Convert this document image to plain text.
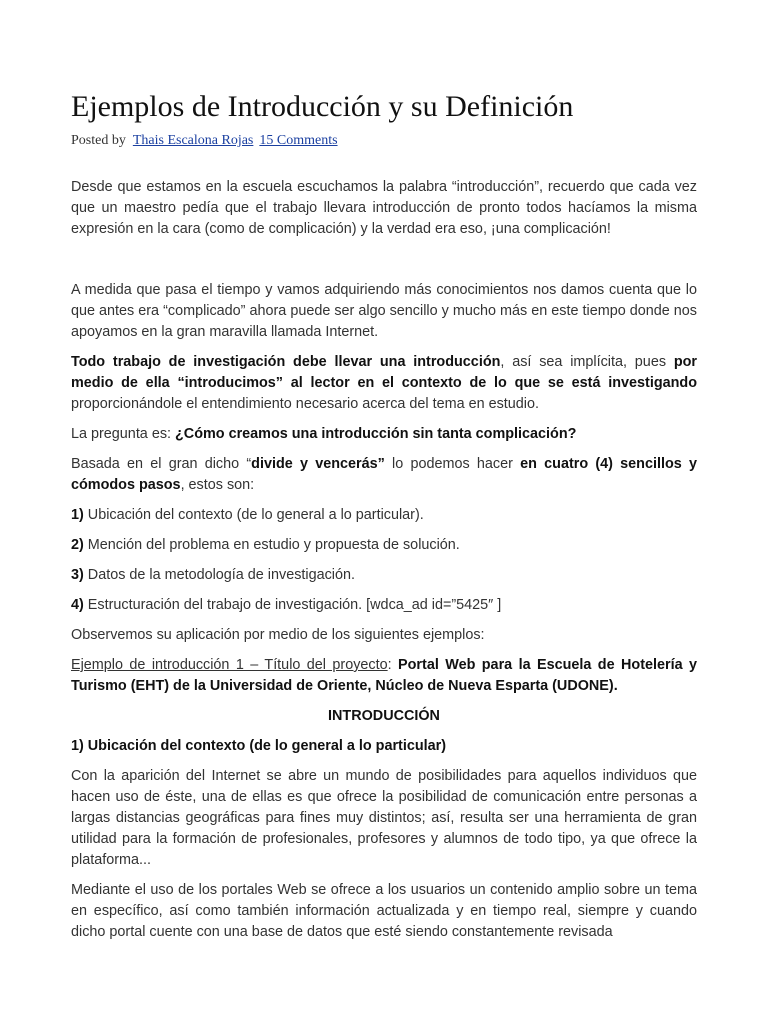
Ejemplos de Introducción y su Definición
Posted by Thais Escalona Rojas 15 Comments

Desde que estamos en la escuela escuchamos la palabra “introducción”, recuerdo que cada vez que un maestro pedía que el trabajo llevara introducción de pronto todos hacíamos la misma expresión en la cara (como de complicación) y la verdad era eso, ¡una complicación!

A medida que pasa el tiempo y vamos adquiriendo más conocimientos nos damos cuenta que lo que antes era “complicado” ahora puede ser algo sencillo y mucho más en este tiempo donde nos apoyamos en la gran maravilla llamada Internet.

Todo trabajo de investigación debe llevar una introducción, así sea implícita, pues por medio de ella “introducimos” al lector en el contexto de lo que se está investigando proporcionándole el entendimiento necesario acerca del tema en estudio.

La pregunta es: ¿Cómo creamos una introducción sin tanta complicación?

Basada en el gran dicho “divide y vencerás” lo podemos hacer en cuatro (4) sencillos y cómodos pasos, estos son:

1) Ubicación del contexto (de lo general a lo particular).

2) Mención del problema en estudio y propuesta de solución.

3) Datos de la metodología de investigación.

4) Estructuración del trabajo de investigación. [wdca_ad id=”5425″ ]

Observemos su aplicación por medio de los siguientes ejemplos:

Ejemplo de introducción 1 – Título del proyecto: Portal Web para la Escuela de Hotelería y Turismo (EHT) de la Universidad de Oriente, Núcleo de Nueva Esparta (UDONE).

INTRODUCCIÓN

1) Ubicación del contexto (de lo general a lo particular)

Con la aparición del Internet se abre un mundo de posibilidades para aquellos individuos que hacen uso de éste, una de ellas es que ofrece la posibilidad de comunicación entre personas a largas distancias geográficas para fines muy distintos; así, resulta ser una herramienta de gran utilidad para la formación de profesionales, profesores y alumnos de todo tipo, ya que ofrece la plataforma...

Mediante el uso de los portales Web se ofrece a los usuarios un contenido amplio sobre un tema en específico, así como también información actualizada y en tiempo real, siempre y cuando dicho portal cuente con una base de datos que esté siendo constantemente revisada
